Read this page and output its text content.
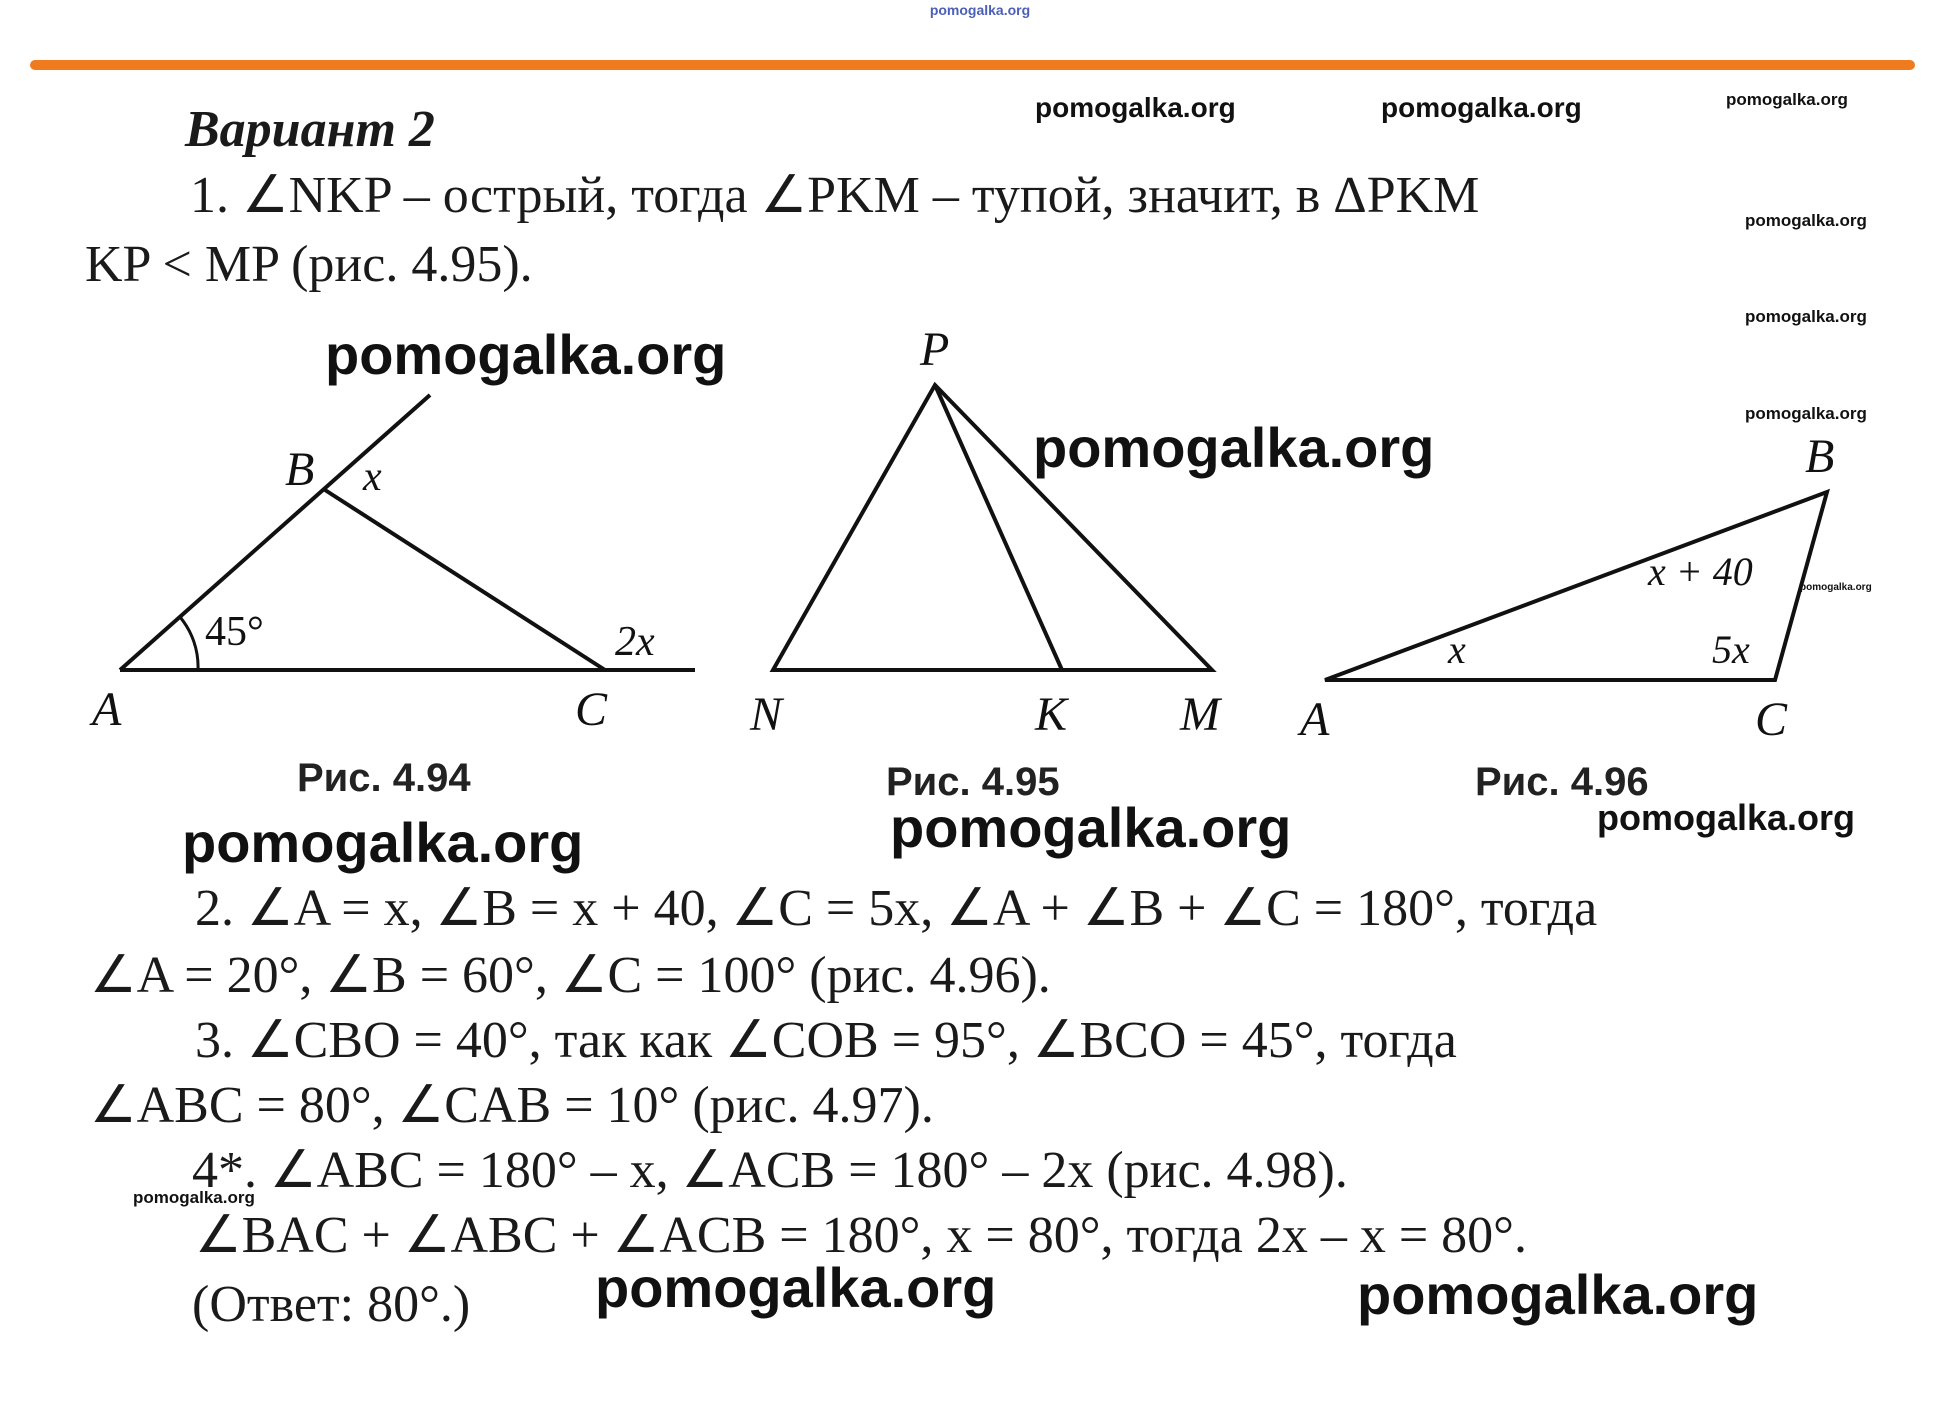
pomogalka.org
pomogalka.org	pomogalka.org	pomogalka.org
pomogalka.org
pomogalka.org
pomogalka.org
Вариант 2
1. ∠NKP – острый, тогда ∠PKM – тупой, значит, в ΔPKM
KP < MP (рис. 4.95).
A
B
C
x
45°	2x
P
N	K M A
B
C
x
x + 40
5x
Рис. 4.94	Рис. 4.95	Рис. 4.96
pomogalka.org
pomogalka.org
pomogalka.org
pomogalka.org	pomogalka.org	pomogalka.org
2. ∠A = x, ∠B = x + 40, ∠C = 5x, ∠A + ∠B + ∠C = 180°, тогда
∠A = 20°, ∠B = 60°, ∠C = 100° (рис. 4.96).
3. ∠CBO = 40°, так как ∠COB = 95°, ∠BCO = 45°, тогда
∠ABC = 80°, ∠CAB = 10° (рис. 4.97).
4*. ∠ABC = 180° – x, ∠ACB = 180° – 2x (рис. 4.98).
∠BAC + ∠ABC + ∠ACB = 180°, x = 80°, тогда 2x – x = 80°.
(Ответ: 80°.)
pomogalka.org
pomogalka.org	pomogalka.org
